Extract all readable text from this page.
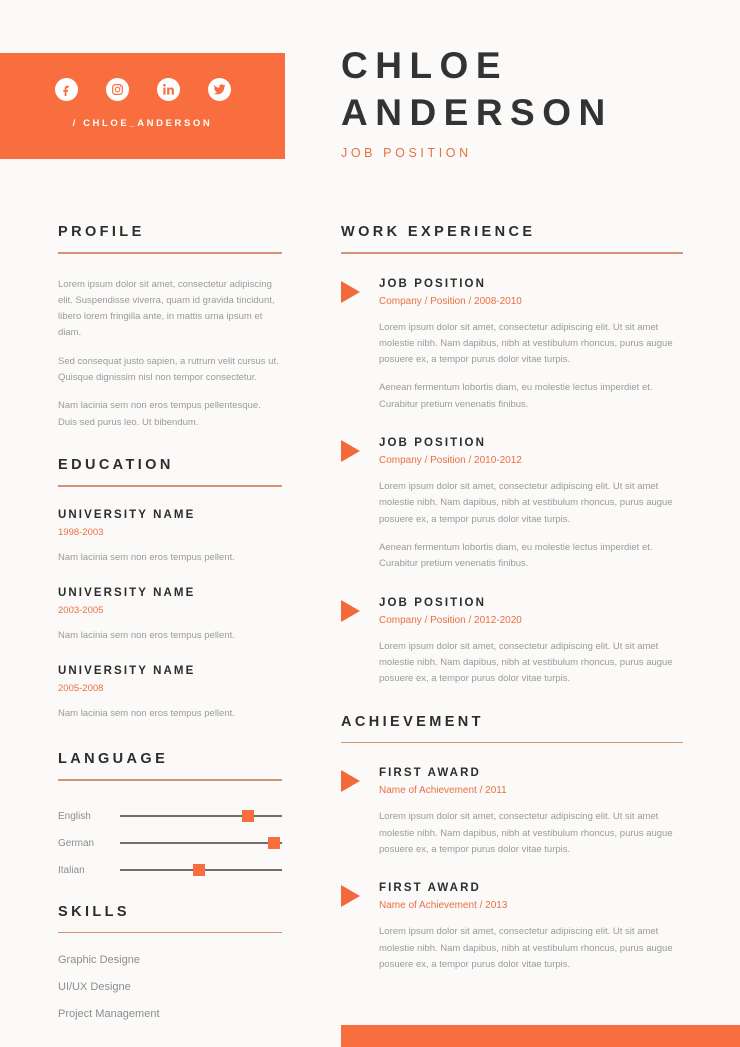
/ CHLOE_ANDERSON
CHLOE
ANDERSON
JOB POSITION
PROFILE

Lorem ipsum dolor sit amet, consectetur adipiscing elit. Suspendisse viverra, quam id gravida tincidunt, libero lorem fringilla ante, in mattis urna ipsum et diam.

Sed consequat justo sapien, a rutrum velit cursus ut. Quisque dignissim nisl non tempor consectetur.

Nam lacinia sem non eros tempus pellentesque. Duis sed purus leo. Ut bibendum.

EDUCATION
UNIVERSITY NAME
1998-2003
Nam lacinia sem non eros tempus pellent.
UNIVERSITY NAME
2003-2005
Nam lacinia sem non eros tempus pellent.
UNIVERSITY NAME
2005-2008
Nam lacinia sem non eros tempus pellent.
LANGUAGE
English
German
Italian
SKILLS
Graphic Designe
UI/UX Designe
Project Management
WORK EXPERIENCE
JOB POSITION
Company / Position / 2008-2010

Lorem ipsum dolor sit amet, consectetur adipiscing elit. Ut sit amet molestie nibh. Nam dapibus, nibh at vestibulum rhoncus, purus augue posuere ex, a tempor purus dolor vitae turpis.

Aenean fermentum lobortis diam, eu molestie lectus imperdiet et. Curabitur pretium venenatis finibus.

JOB POSITION
Company / Position / 2010-2012

Lorem ipsum dolor sit amet, consectetur adipiscing elit. Ut sit amet molestie nibh. Nam dapibus, nibh at vestibulum rhoncus, purus augue posuere ex, a tempor purus dolor vitae turpis.

Aenean fermentum lobortis diam, eu molestie lectus imperdiet et. Curabitur pretium venenatis finibus.

JOB POSITION
Company / Position / 2012-2020

Lorem ipsum dolor sit amet, consectetur adipiscing elit. Ut sit amet molestie nibh. Nam dapibus, nibh at vestibulum rhoncus, purus augue posuere ex, a tempor purus dolor vitae turpis.

ACHIEVEMENT
FIRST AWARD
Name of Achievement / 2011

Lorem ipsum dolor sit amet, consectetur adipiscing elit. Ut sit amet molestie nibh. Nam dapibus, nibh at vestibulum rhoncus, purus augue posuere ex, a tempor purus dolor vitae turpis.

FIRST AWARD
Name of Achievement / 2013

Lorem ipsum dolor sit amet, consectetur adipiscing elit. Ut sit amet molestie nibh. Nam dapibus, nibh at vestibulum rhoncus, purus augue posuere ex, a tempor purus dolor vitae turpis.
